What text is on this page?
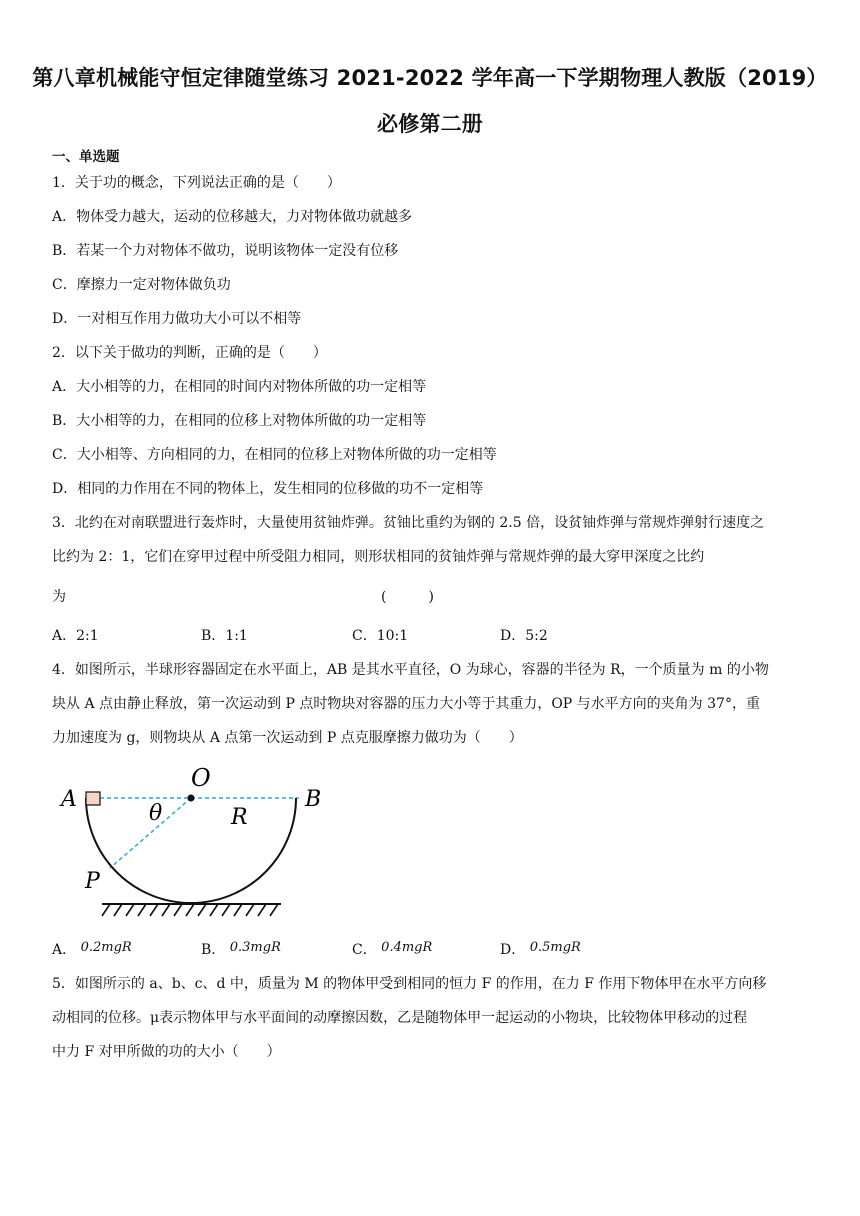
第八章机械能守恒定律随堂练习 2021-2022 学年高一下学期物理人教版（2019）
必修第二册
一、单选题
1．关于功的概念，下列说法正确的是（　　）
A．物体受力越大，运动的位移越大，力对物体做功就越多
B．若某一个力对物体不做功，说明该物体一定没有位移
C．摩擦力一定对物体做负功
D．一对相互作用力做功大小可以不相等
2．以下关于做功的判断，正确的是（　　）
A．大小相等的力，在相同的时间内对物体所做的功一定相等
B．大小相等的力，在相同的位移上对物体所做的功一定相等
C．大小相等、方向相同的力，在相同的位移上对物体所做的功一定相等
D．相同的力作用在不同的物体上，发生相同的位移做的功不一定相等
3．北约在对南联盟进行轰炸时，大量使用贫铀炸弹。贫铀比重约为钢的 2.5 倍，设贫铀炸弹与常规炸弹射行速度之
比约为 2：1，它们在穿甲过程中所受阻力相同，则形状相同的贫铀炸弹与常规炸弹的最大穿甲深度之比约
为	(　　　)
A．2:1	B．1:1	C．10:1	D．5:2
4．如图所示，半球形容器固定在水平面上，AB 是其水平直径，O 为球心，容器的半径为 R，一个质量为 m 的小物
块从 A 点由静止释放，第一次运动到 P 点时物块对容器的压力大小等于其重力，OP 与水平方向的夹角为 37°，重
力加速度为 g，则物块从 A 点第一次运动到 P 点克服摩擦力做功为（　　）
A	B
O
θ	R
P
A． 0.2mgR	B． 0.3mgR	C． 0.4mgR	D． 0.5mgR
5．如图所示的 a、b、c、d 中，质量为 M 的物体甲受到相同的恒力 F 的作用，在力 F 作用下物体甲在水平方向移
动相同的位移。μ表示物体甲与水平面间的动摩擦因数，乙是随物体甲一起运动的小物块，比较物体甲移动的过程
中力 F 对甲所做的功的大小（　　）
